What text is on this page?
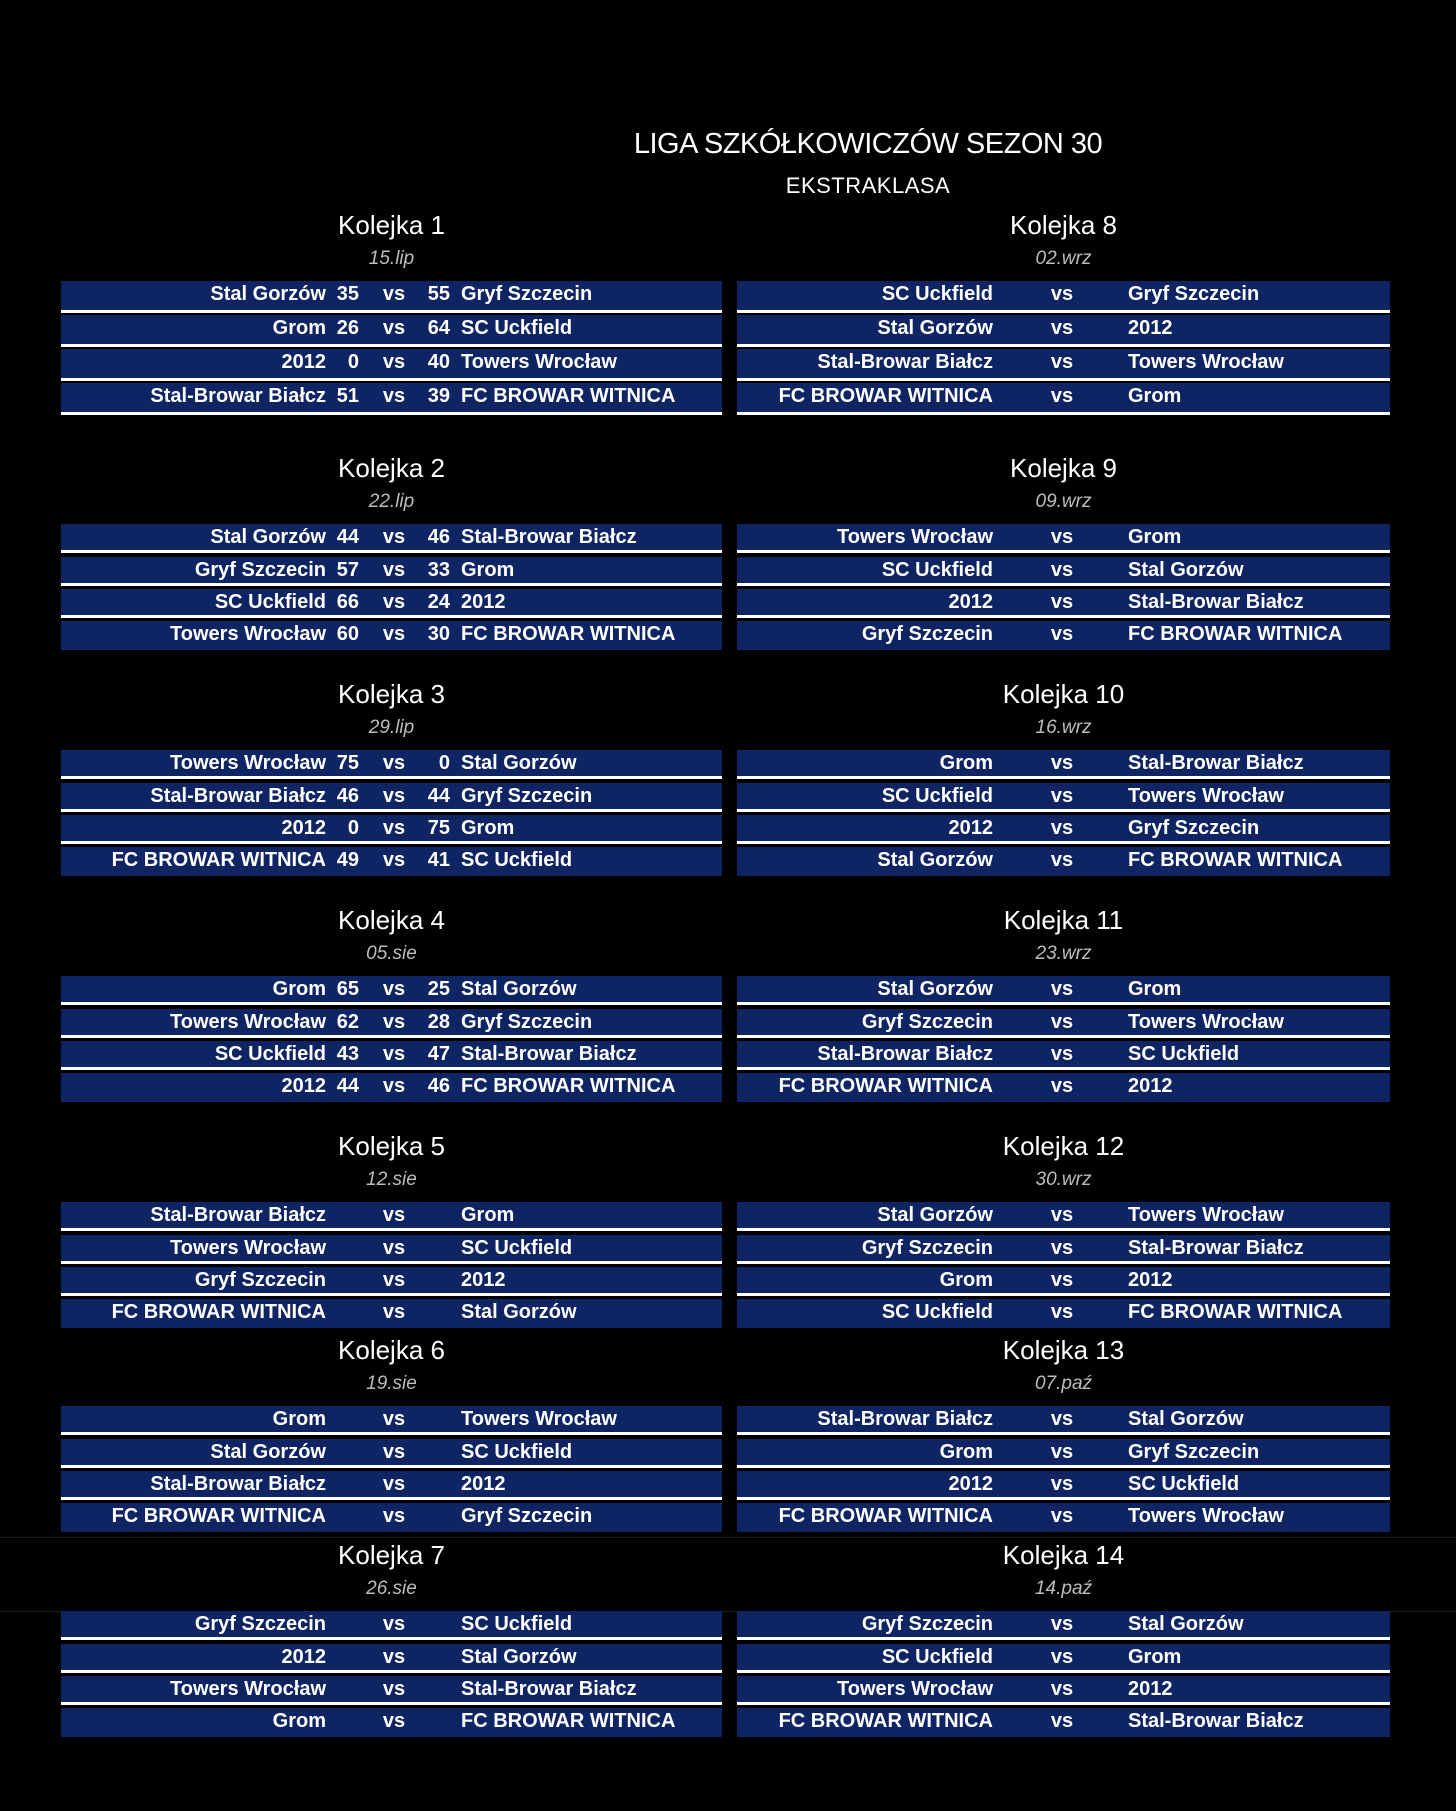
LIGA SZKÓŁKOWICZÓW SEZON 30
EKSTRAKLASA
Kolejka 1
15.lip
Stal Gorzów 35	vs	55 Gryf Szczecin
Grom 26	vs	64 SC Uckfield
2012	0	vs	40 Towers Wrocław
Stal-Browar Białcz 51	vs	39 FC BROWAR WITNICA
Kolejka 2
22.lip
Stal Gorzów 44	vs	46 Stal-Browar Białcz
Gryf Szczecin 57	vs	33 Grom
SC Uckfield 66	vs	24 2012
Towers Wrocław 60	vs	30 FC BROWAR WITNICA
Kolejka 3
29.lip
Towers Wrocław 75	vs	0 Stal Gorzów
Stal-Browar Białcz 46	vs	44 Gryf Szczecin
2012	0	vs	75 Grom
FC BROWAR WITNICA 49	vs	41 SC Uckfield
Kolejka 4
05.sie
Grom 65	vs	25 Stal Gorzów
Towers Wrocław 62	vs	28 Gryf Szczecin
SC Uckfield 43	vs	47 Stal-Browar Białcz
2012 44	vs	46 FC BROWAR WITNICA
Kolejka 5
12.sie
Stal-Browar Białcz	vs	Grom
Towers Wrocław	vs	SC Uckfield
Gryf Szczecin	vs	2012
FC BROWAR WITNICA	vs	Stal Gorzów
Kolejka 6
19.sie
Grom	vs	Towers Wrocław
Stal Gorzów	vs	SC Uckfield
Stal-Browar Białcz	vs	2012
FC BROWAR WITNICA	vs	Gryf Szczecin
Kolejka 7
26.sie
Gryf Szczecin	vs	SC Uckfield
2012	vs	Stal Gorzów
Towers Wrocław	vs	Stal-Browar Białcz
Grom	vs	FC BROWAR WITNICA
Kolejka 8
02.wrz
SC Uckfield	vs	Gryf Szczecin
Stal Gorzów	vs	2012
Stal-Browar Białcz	vs	Towers Wrocław
FC BROWAR WITNICA	vs	Grom
Kolejka 9
09.wrz
Towers Wrocław	vs	Grom
SC Uckfield	vs	Stal Gorzów
2012	vs	Stal-Browar Białcz
Gryf Szczecin	vs	FC BROWAR WITNICA
Kolejka 10
16.wrz
Grom	vs	Stal-Browar Białcz
SC Uckfield	vs	Towers Wrocław
2012	vs	Gryf Szczecin
Stal Gorzów	vs	FC BROWAR WITNICA
Kolejka 11
23.wrz
Stal Gorzów	vs	Grom
Gryf Szczecin	vs	Towers Wrocław
Stal-Browar Białcz	vs	SC Uckfield
FC BROWAR WITNICA	vs	2012
Kolejka 12
30.wrz
Stal Gorzów	vs	Towers Wrocław
Gryf Szczecin	vs	Stal-Browar Białcz
Grom	vs	2012
SC Uckfield	vs	FC BROWAR WITNICA
Kolejka 13
07.paź
Stal-Browar Białcz	vs	Stal Gorzów
Grom	vs	Gryf Szczecin
2012	vs	SC Uckfield
FC BROWAR WITNICA	vs	Towers Wrocław
Kolejka 14
14.paź
Gryf Szczecin	vs	Stal Gorzów
SC Uckfield	vs	Grom
Towers Wrocław	vs	2012
FC BROWAR WITNICA	vs	Stal-Browar Białcz
